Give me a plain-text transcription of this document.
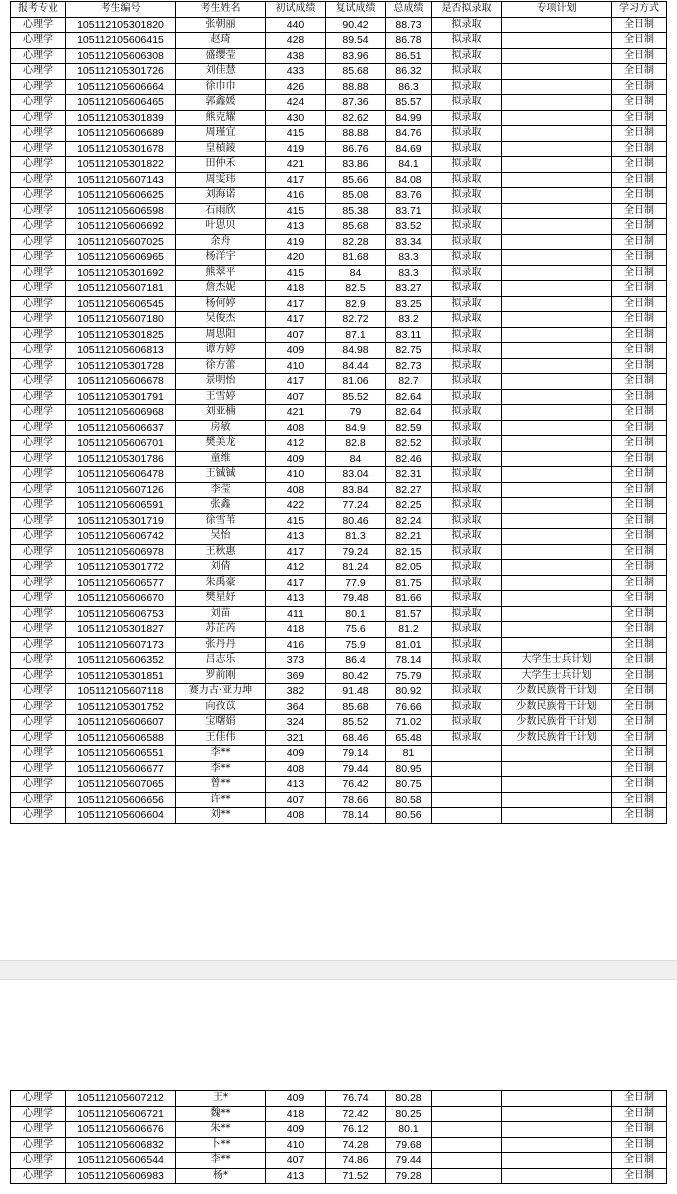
报考专业	考生编号	考生姓名	初试成绩	复试成绩	总成绩	是否拟录取	专项计划	学习方式
心理学	105112105301820	张朝丽	440	90.42	88.73	拟录取		全日制
心理学	105112105606415	赵琦	428	89.54	86.78	拟录取		全日制
心理学	105112105606308	盛缨莹	438	83.96	86.51	拟录取		全日制
心理学	105112105301726	刘佳慧	433	85.68	86.32	拟录取		全日制
心理学	105112105606664	徐巾巾	426	88.88	86.3	拟录取		全日制
心理学	105112105606465	郭鑫媛	424	87.36	85.57	拟录取		全日制
心理学	105112105301839	熊克耀	430	82.62	84.99	拟录取		全日制
心理学	105112105606689	周瑾宜	415	88.88	84.76	拟录取		全日制
心理学	105112105301678	皇楨錂	419	86.76	84.69	拟录取		全日制
心理学	105112105301822	田仲禾	421	83.86	84.1	拟录取		全日制
心理学	105112105607143	周雯玮	417	85.66	84.08	拟录取		全日制
心理学	105112105606625	刘海诺	416	85.08	83.76	拟录取		全日制
心理学	105112105606598	石雨欣	415	85.38	83.71	拟录取		全日制
心理学	105112105606692	叶思贝	413	85.68	83.52	拟录取		全日制
心理学	105112105607025	余舟	419	82.28	83.34	拟录取		全日制
心理学	105112105606965	杨洋宇	420	81.68	83.3	拟录取		全日制
心理学	105112105301692	熊翠平	415	84	83.3	拟录取		全日制
心理学	105112105607181	詹杰妮	418	82.5	83.27	拟录取		全日制
心理学	105112105606545	杨何婷	417	82.9	83.25	拟录取		全日制
心理学	105112105607180	吴俊杰	417	82.72	83.2	拟录取		全日制
心理学	105112105301825	周思阳	407	87.1	83.11	拟录取		全日制
心理学	105112105606813	谭方婷	409	84.98	82.75	拟录取		全日制
心理学	105112105301728	徐方蕾	410	84.44	82.73	拟录取		全日制
心理学	105112105606678	景明怡	417	81.06	82.7	拟录取		全日制
心理学	105112105301791	王雪婷	407	85.52	82.64	拟录取		全日制
心理学	105112105606968	刘亚楠	421	79	82.64	拟录取		全日制
心理学	105112105606637	房敏	408	84.9	82.59	拟录取		全日制
心理学	105112105606701	樊美龙	412	82.8	82.52	拟录取		全日制
心理学	105112105301786	童维	409	84	82.46	拟录取		全日制
心理学	105112105606478	王铖铖	410	83.04	82.31	拟录取		全日制
心理学	105112105607126	李莹	408	83.84	82.27	拟录取		全日制
心理学	105112105606591	张鑫	422	77.24	82.25	拟录取		全日制
心理学	105112105301719	徐雪苇	415	80.46	82.24	拟录取		全日制
心理学	105112105606742	吴怡	413	81.3	82.21	拟录取		全日制
心理学	105112105606978	王秋惠	417	79.24	82.15	拟录取		全日制
心理学	105112105301772	刘倩	412	81.24	82.05	拟录取		全日制
心理学	105112105606577	朱禹豪	417	77.9	81.75	拟录取		全日制
心理学	105112105606670	樊星妤	413	79.48	81.66	拟录取		全日制
心理学	105112105606753	刘苗	411	80.1	81.57	拟录取		全日制
心理学	105112105301827	苏芷芮	418	75.6	81.2	拟录取		全日制
心理学	105112105607173	张丹丹	416	75.9	81.01	拟录取		全日制
心理学	105112105606352	吕志乐	373	86.4	78.14	拟录取	大学生士兵计划	全日制
心理学	105112105301851	罗前刚	369	80.42	75.79	拟录取	大学生士兵计划	全日制
心理学	105112105607118	赛力古·亚力坤	382	91.48	80.92	拟录取	少数民族骨干计划	全日制
心理学	105112105301752	向孜苡	364	85.68	76.66	拟录取	少数民族骨干计划	全日制
心理学	105112105606607	宝曙娟	324	85.52	71.02	拟录取	少数民族骨干计划	全日制
心理学	105112105606588	王佳伟	321	68.46	65.48	拟录取	少数民族骨干计划	全日制
心理学	105112105606551	李**	409	79.14	81			全日制
心理学	105112105606677	李**	408	79.44	80.95			全日制
心理学	105112105607065	曾**	413	76.42	80.75			全日制
心理学	105112105606656	许**	407	78.66	80.58			全日制
心理学	105112105606604	刘**	408	78.14	80.56			全日制
心理学	105112105607212	王*	409	76.74	80.28			全日制
心理学	105112105606721	魏**	418	72.42	80.25			全日制
心理学	105112105606676	朱**	409	76.12	80.1			全日制
心理学	105112105606832	卜**	410	74.28	79.68			全日制
心理学	105112105606544	李**	407	74.86	79.44			全日制
心理学	105112105606983	杨*	413	71.52	79.28			全日制
